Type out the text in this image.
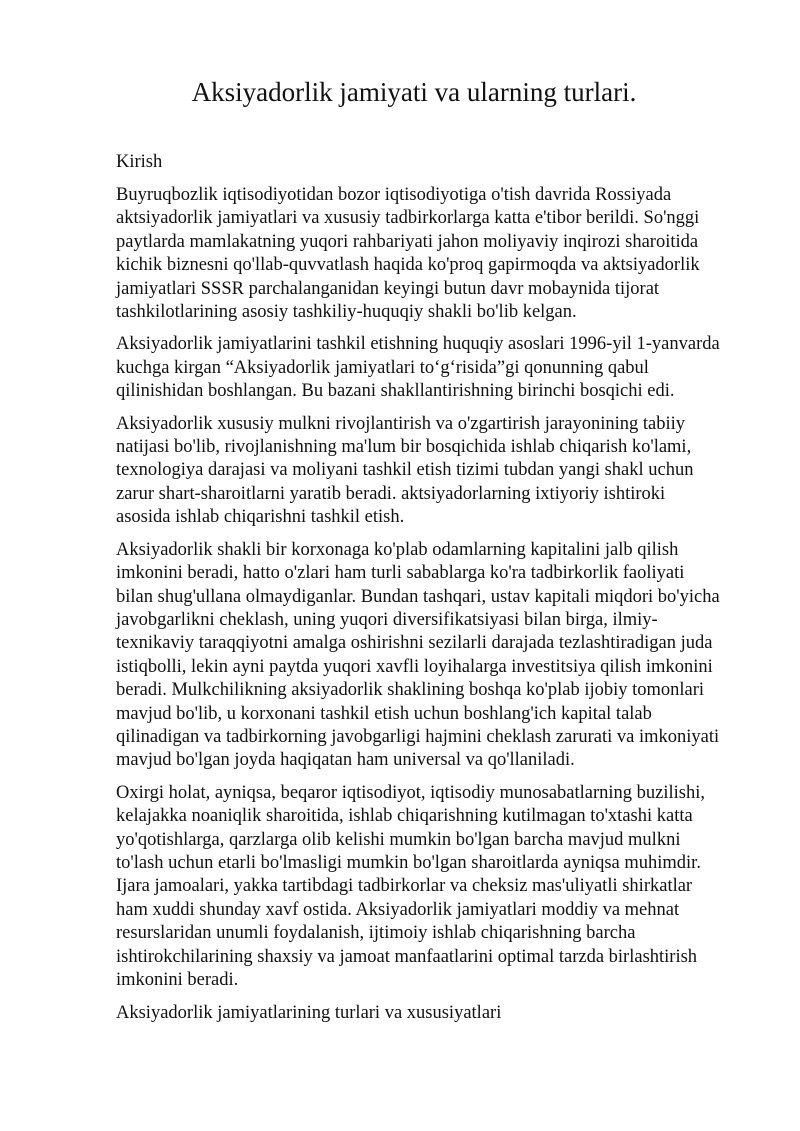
Aksiyadorlik jamiyati va ularning turlari.

Kirish

Buyruqbozlik iqtisodiyotidan bozor iqtisodiyotiga o'tish davrida Rossiyada aktsiyadorlik jamiyatlari va xususiy tadbirkorlarga katta e'tibor berildi. So'nggi paytlarda mamlakatning yuqori rahbariyati jahon moliyaviy inqirozi sharoitida kichik biznesni qo'llab-quvvatlash haqida ko'proq gapirmoqda va aktsiyadorlik jamiyatlari SSSR parchalanganidan keyingi butun davr mobaynida tijorat tashkilotlarining asosiy tashkiliy-huquqiy shakli bo'lib kelgan.

Aksiyadorlik jamiyatlarini tashkil etishning huquqiy asoslari 1996-yil 1-yanvarda kuchga kirgan “Aksiyadorlik jamiyatlari to‘g‘risida”gi qonunning qabul qilinishidan boshlangan. Bu bazani shakllantirishning birinchi bosqichi edi.

Aksiyadorlik xususiy mulkni rivojlantirish va o'zgartirish jarayonining tabiiy natijasi bo'lib, rivojlanishning ma'lum bir bosqichida ishlab chiqarish ko'lami, texnologiya darajasi va moliyani tashkil etish tizimi tubdan yangi shakl uchun zarur shart-sharoitlarni yaratib beradi. aktsiyadorlarning ixtiyoriy ishtiroki asosida ishlab chiqarishni tashkil etish.

Aksiyadorlik shakli bir korxonaga ko'plab odamlarning kapitalini jalb qilish imkonini beradi, hatto o'zlari ham turli sabablarga ko'ra tadbirkorlik faoliyati bilan shug'ullana olmaydiganlar. Bundan tashqari, ustav kapitali miqdori bo'yicha javobgarlikni cheklash, uning yuqori diversifikatsiyasi bilan birga, ilmiy-texnikaviy taraqqiyotni amalga oshirishni sezilarli darajada tezlashtiradigan juda istiqbolli, lekin ayni paytda yuqori xavfli loyihalarga investitsiya qilish imkonini beradi. Mulkchilikning aksiyadorlik shaklining boshqa ko'plab ijobiy tomonlari mavjud bo'lib, u korxonani tashkil etish uchun boshlang'ich kapital talab qilinadigan va tadbirkorning javobgarligi hajmini cheklash zarurati va imkoniyati mavjud bo'lgan joyda haqiqatan ham universal va qo'llaniladi.

Oxirgi holat, ayniqsa, beqaror iqtisodiyot, iqtisodiy munosabatlarning buzilishi, kelajakka noaniqlik sharoitida, ishlab chiqarishning kutilmagan to'xtashi katta yo'qotishlarga, qarzlarga olib kelishi mumkin bo'lgan barcha mavjud mulkni to'lash uchun etarli bo'lmasligi mumkin bo'lgan sharoitlarda ayniqsa muhimdir. Ijara jamoalari, yakka tartibdagi tadbirkorlar va cheksiz mas'uliyatli shirkatlar ham xuddi shunday xavf ostida. Aksiyadorlik jamiyatlari moddiy va mehnat resurslaridan unumli foydalanish, ijtimoiy ishlab chiqarishning barcha ishtirokchilarining shaxsiy va jamoat manfaatlarini optimal tarzda birlashtirish imkonini beradi.

Aksiyadorlik jamiyatlarining turlari va xususiyatlari
